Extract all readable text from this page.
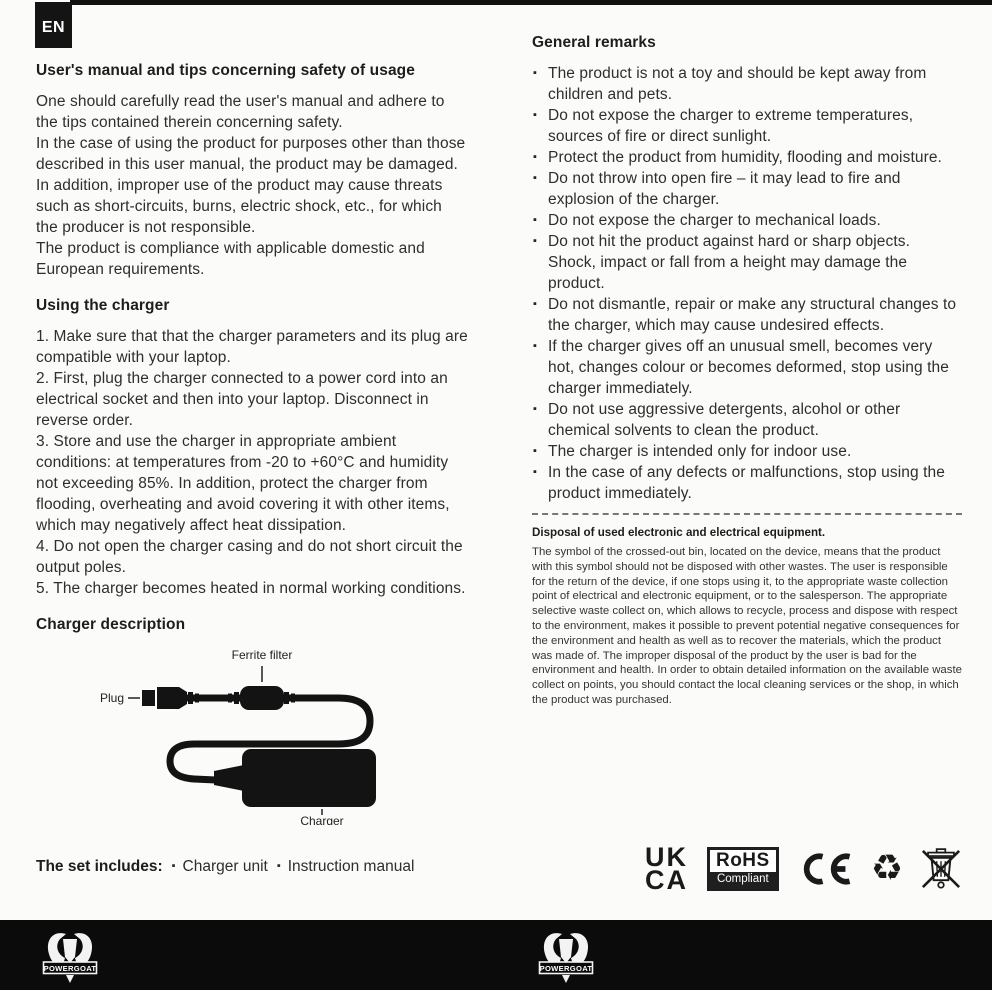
EN
User's manual and tips concerning safety of usage

One should carefully read the user's manual and adhere to the tips contained therein concerning safety.

In the case of using the product for purposes other than those described in this user manual, the product may be damaged. In addition, improper use of the product may cause threats such as short-circuits, burns, electric shock, etc., for which the producer is not responsible.

The product is compliance with applicable domestic and European requirements.

Using the charger

1. Make sure that that the charger parameters and its plug are compatible with your laptop.

2. First, plug the charger connected to a power cord into an electrical socket and then into your laptop. Disconnect in reverse order.

3. Store and use the charger in appropriate ambient conditions: at temperatures from -20 to +60°C and humidity not exceeding 85%. In addition, protect the charger from flooding, overheating and avoid covering it with other items, which may negatively affect heat dissipation.

4. Do not open the charger casing and do not short circuit the output poles.

5. The charger becomes heated in normal working conditions.

Charger description
Ferrite filter
Plug
Charger
The set includes: ▪ Charger unit ▪ Instruction manual
General remarks
▪ The product is not a toy and should be kept away from children and pets.
▪ Do not expose the charger to extreme temperatures, sources of fire or direct sunlight.
▪ Protect the product from humidity, flooding and moisture.
▪ Do not throw into open fire – it may lead to fire and explosion of the charger.
▪ Do not expose the charger to mechanical loads.
▪ Do not hit the product against hard or sharp objects. Shock, impact or fall from a height may damage the product.
▪ Do not dismantle, repair or make any structural changes to the charger, which may cause undesired effects.
▪ If the charger gives off an unusual smell, becomes very hot, changes colour or becomes deformed, stop using the charger immediately.
▪ Do not use aggressive detergents, alcohol or other chemical solvents to clean the product.
▪ The charger is intended only for indoor use.
▪ In the case of any defects or malfunctions, stop using the product immediately.
Disposal of used electronic and electrical equipment.

The symbol of the crossed-out bin, located on the device, means that the product with this symbol should not be disposed with other wastes. The user is responsible for the return of the device, if one stops using it, to the appropriate waste collection point of electrical and electronic equipment, or to the salesperson. The appropriate selective waste collect on, which allows to recycle, process and dispose with respect to the environment, makes it possible to prevent potential negative consequences for the environment and health as well as to recover the materials, which the product was made of. The improper disposal of the product by the user is bad for the environment and health. In order to obtain detailed information on the available waste collect on points, you should contact the local cleaning services or the shop, in which the product was purchased.

UK
CA
RoHS
Compliant	♻
POWERGOAT	POWERGOAT
